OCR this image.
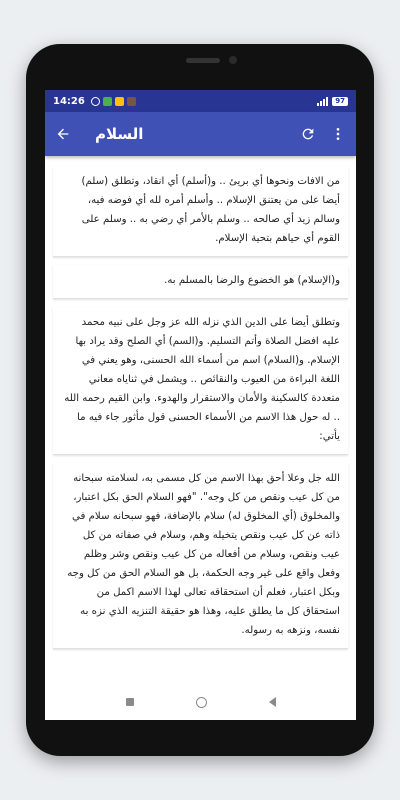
14:26	97
السلام

من الافات ونحوها أي بريئ .. و(أسلم) أي انقاد، وتطلق (سلم) أيضا على من يعتنق الإسلام .. وأسلم أمره لله أي فوضه فيه، وسالم زيد أي صالحه .. وسلم بالأمر أي رضي به .. وسلم على القوم أي حياهم بتحية الإسلام.

و(الإسلام) هو الخضوع والرضا بالمسلم به.

وتطلق أيضا على الدين الذي نزله الله عز وجل على نبيه محمد عليه افضل الصلاة وأتم التسليم. و(السم) أي الصلح وقد يراد بها الإسلام. و(السلام) اسم من أسماء الله الحسنى، وهو يعني في اللغة البراءة من العيوب والنقائص .. ويشمل في ثناياه معاني متعددة كالسكينة والأمان والاستقرار والهدوء. وابن القيم رحمه الله .. له حول هذا الاسم من الأسماء الحسنى قول مأثور جاء فيه ما يأتي:

الله جل وعلا أحق بهذا الاسم من كل مسمى به، لسلامته سبحانه من كل عيب ونقص من كل وجه". "فهو السلام الحق بكل اعتبار، والمخلوق (أي المخلوق له) سلام بالإضافة، فهو سبحانه سلام في ذاته عن كل عيب ونقص يتخيله وهم، وسلام في صفاته من كل عيب ونقص، وسلام من أفعاله من كل عيب ونقص وشر وظلم وفعل واقع على غير وجه الحكمة، بل هو السلام الحق من كل وجه وبكل اعتبار، فعلم أن استحقاقه تعالى لهذا الاسم اكمل من استحقاق كل ما يطلق عليه، وهذا هو حقيقة التنزيه الذي نزه به نفسه، ونزهه به رسوله.
